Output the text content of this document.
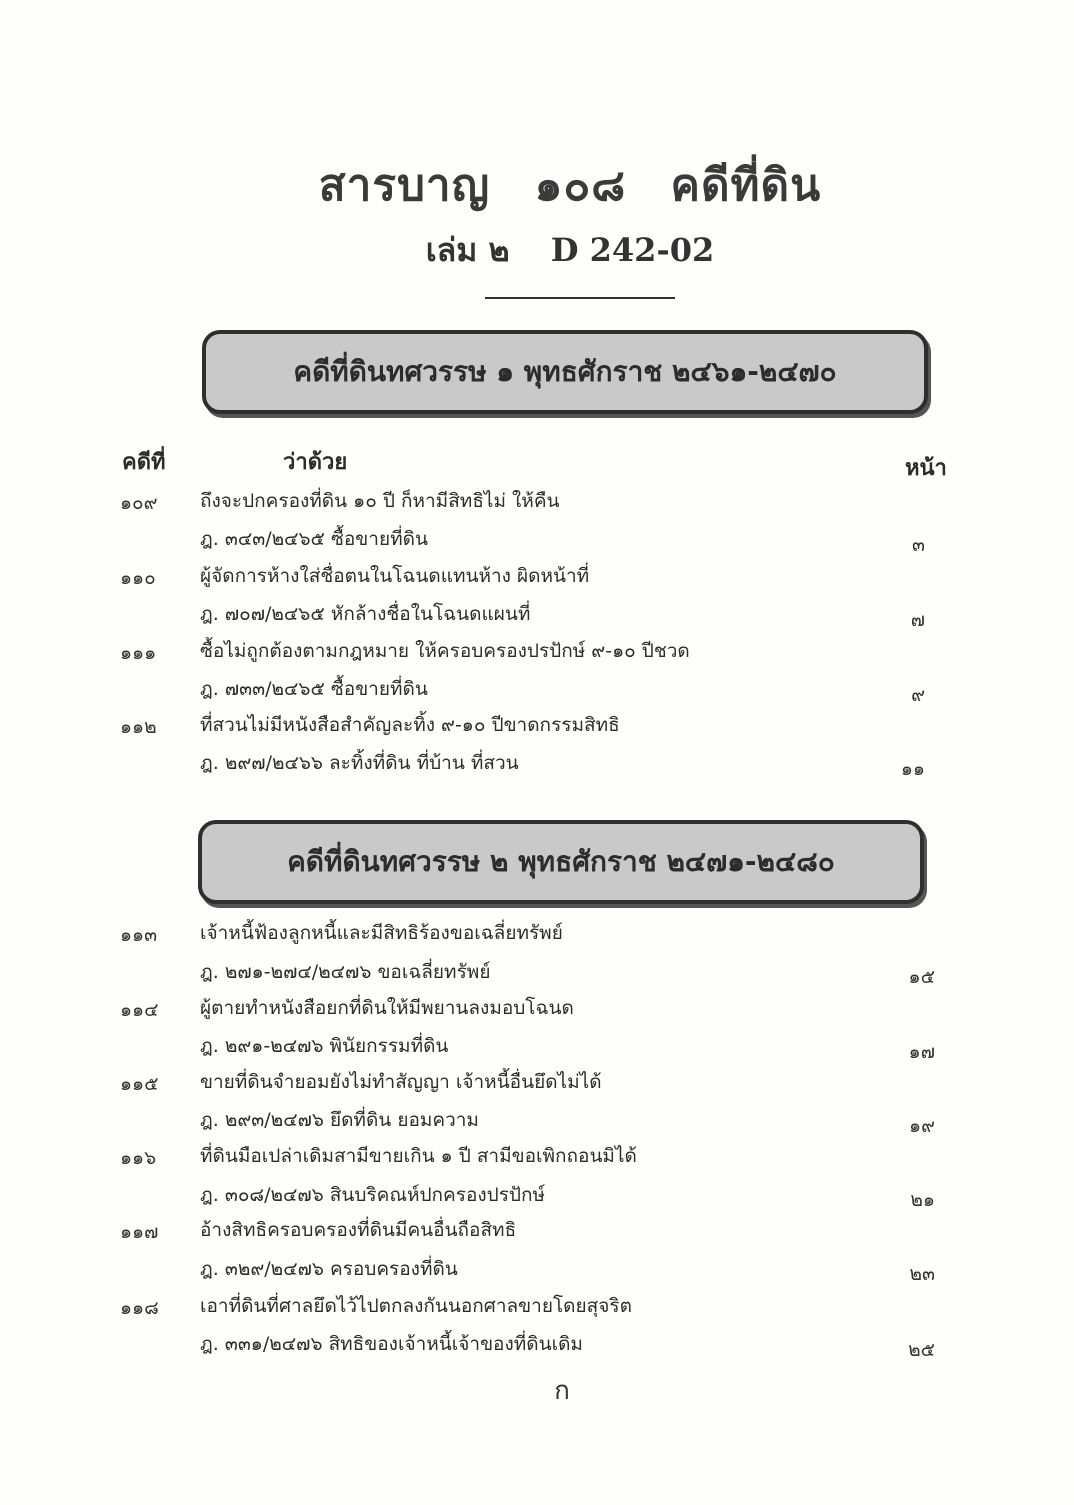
สารบาญ ๑๐๘ คดีที่ดิน
เล่ม ๒ D 242-02
คดีที่ดินทศวรรษ ๑ พุทธศักราช ๒๔๖๑-๒๔๗๐
คดีที่	ว่าด้วย	หน้า
๑๐๙ ถึงจะปกครองที่ดิน ๑๐ ปี ก็หามีสิทธิไม่ ให้คืน
ฎ. ๓๔๓/๒๔๖๕ ซื้อขายที่ดิน	๓
๑๑๐ ผู้จัดการห้างใส่ชื่อตนในโฉนดแทนห้าง ผิดหน้าที่
ฎ. ๗๐๗/๒๔๖๕ หักล้างชื่อในโฉนดแผนที่	๗
๑๑๑ ซื้อไม่ถูกต้องตามกฎหมาย ให้ครอบครองปรปักษ์ ๙-๑๐ ปีชวด
ฎ. ๗๓๓/๒๔๖๕ ซื้อขายที่ดิน	๙
๑๑๒ ที่สวนไม่มีหนังสือสำคัญละทิ้ง ๙-๑๐ ปีขาดกรรมสิทธิ
ฎ. ๒๙๗/๒๔๖๖ ละทิ้งที่ดิน ที่บ้าน ที่สวน	๑๑
คดีที่ดินทศวรรษ ๒ พุทธศักราช ๒๔๗๑-๒๔๘๐
๑๑๓ เจ้าหนี้ฟ้องลูกหนี้และมีสิทธิร้องขอเฉลี่ยทรัพย์
ฎ. ๒๗๑-๒๗๔/๒๔๗๖ ขอเฉลี่ยทรัพย์	๑๕
๑๑๔ ผู้ตายทำหนังสือยกที่ดินให้มีพยานลงมอบโฉนด
ฎ. ๒๙๑-๒๔๗๖ พินัยกรรมที่ดิน	๑๗
๑๑๕ ขายที่ดินจำยอมยังไม่ทำสัญญา เจ้าหนี้อื่นยึดไม่ได้
ฎ. ๒๙๓/๒๔๗๖ ยึดที่ดิน ยอมความ	๑๙
๑๑๖ ที่ดินมือเปล่าเดิมสามีขายเกิน ๑ ปี สามีขอเพิกถอนมิได้
ฎ. ๓๐๘/๒๔๗๖ สินบริคณห์ปกครองปรปักษ์	๒๑
๑๑๗ อ้างสิทธิครอบครองที่ดินมีคนอื่นถือสิทธิ
ฎ. ๓๒๙/๒๔๗๖ ครอบครองที่ดิน	๒๓
๑๑๘ เอาที่ดินที่ศาลยึดไว้ไปตกลงกันนอกศาลขายโดยสุจริต
ฎ. ๓๓๑/๒๔๗๖ สิทธิของเจ้าหนี้เจ้าของที่ดินเดิม	๒๕
ก
